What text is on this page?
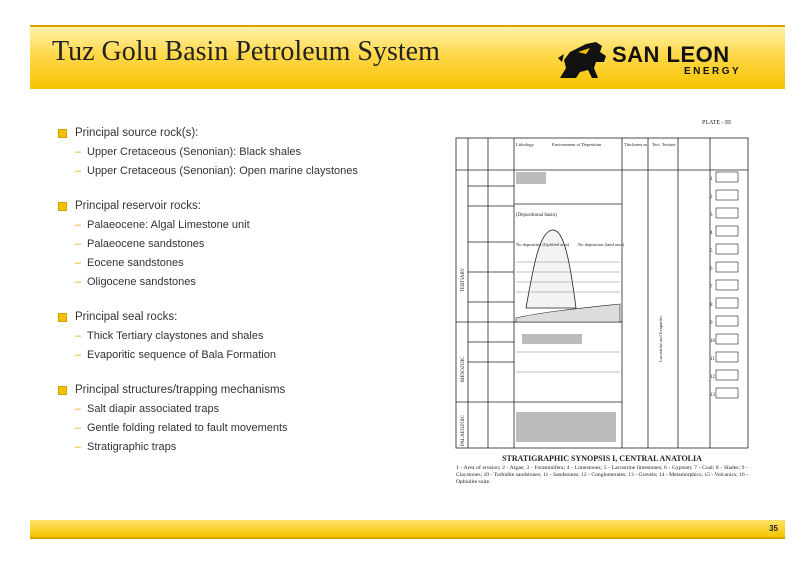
Tuz Golu Basin Petroleum System	SAN LEON
ENERGY
Principal source rock(s):
– Upper Cretaceous (Senonian): Black shales
– Upper Cretaceous (Senonian): Open marine claystones
Principal reservoir rocks:
– Palaeocene: Algal Limestone unit
– Palaeocene sandstones
– Eocene sandstones
– Oligocene sandstones
Principal seal rocks:
– Thick Tertiary claystones and shales
– Evaporitic sequence of Bala Formation
Principal structures/trapping mechanisms
– Salt diapir associated traps
– Gentle folding related to fault movements
– Stratigraphic traps
PLATE - III
(Depositional basin)
No deposition (Uplifted area) No deposition (land area)
Lithology	Environment of Deposition	Thickness m Tect. Texture
TERTIARY
MESOZOIC
PALAEOZOIC
Lacustrine and Evaporitic
1
2
3
4
5
6
7
8
9
10
11
12
13
STRATIGRAPHIC SYNOPSIS I, CENTRAL ANATOLIA
1 - Area of erosion; 2 - Algae; 3 - Foraminifera; 4 - Limestones; 5 - Lacustrine limestones; 6 - Gypsum; 7 - Coal; 8 - Shales; 9 - Claystones; 10 - Turbidite sandstones; 11 - Sandstones; 12 - Conglomerates; 13 - Gravels; 14 - Metamorphics; 15 - Volcanics; 16 - Ophiolite suite.
35
